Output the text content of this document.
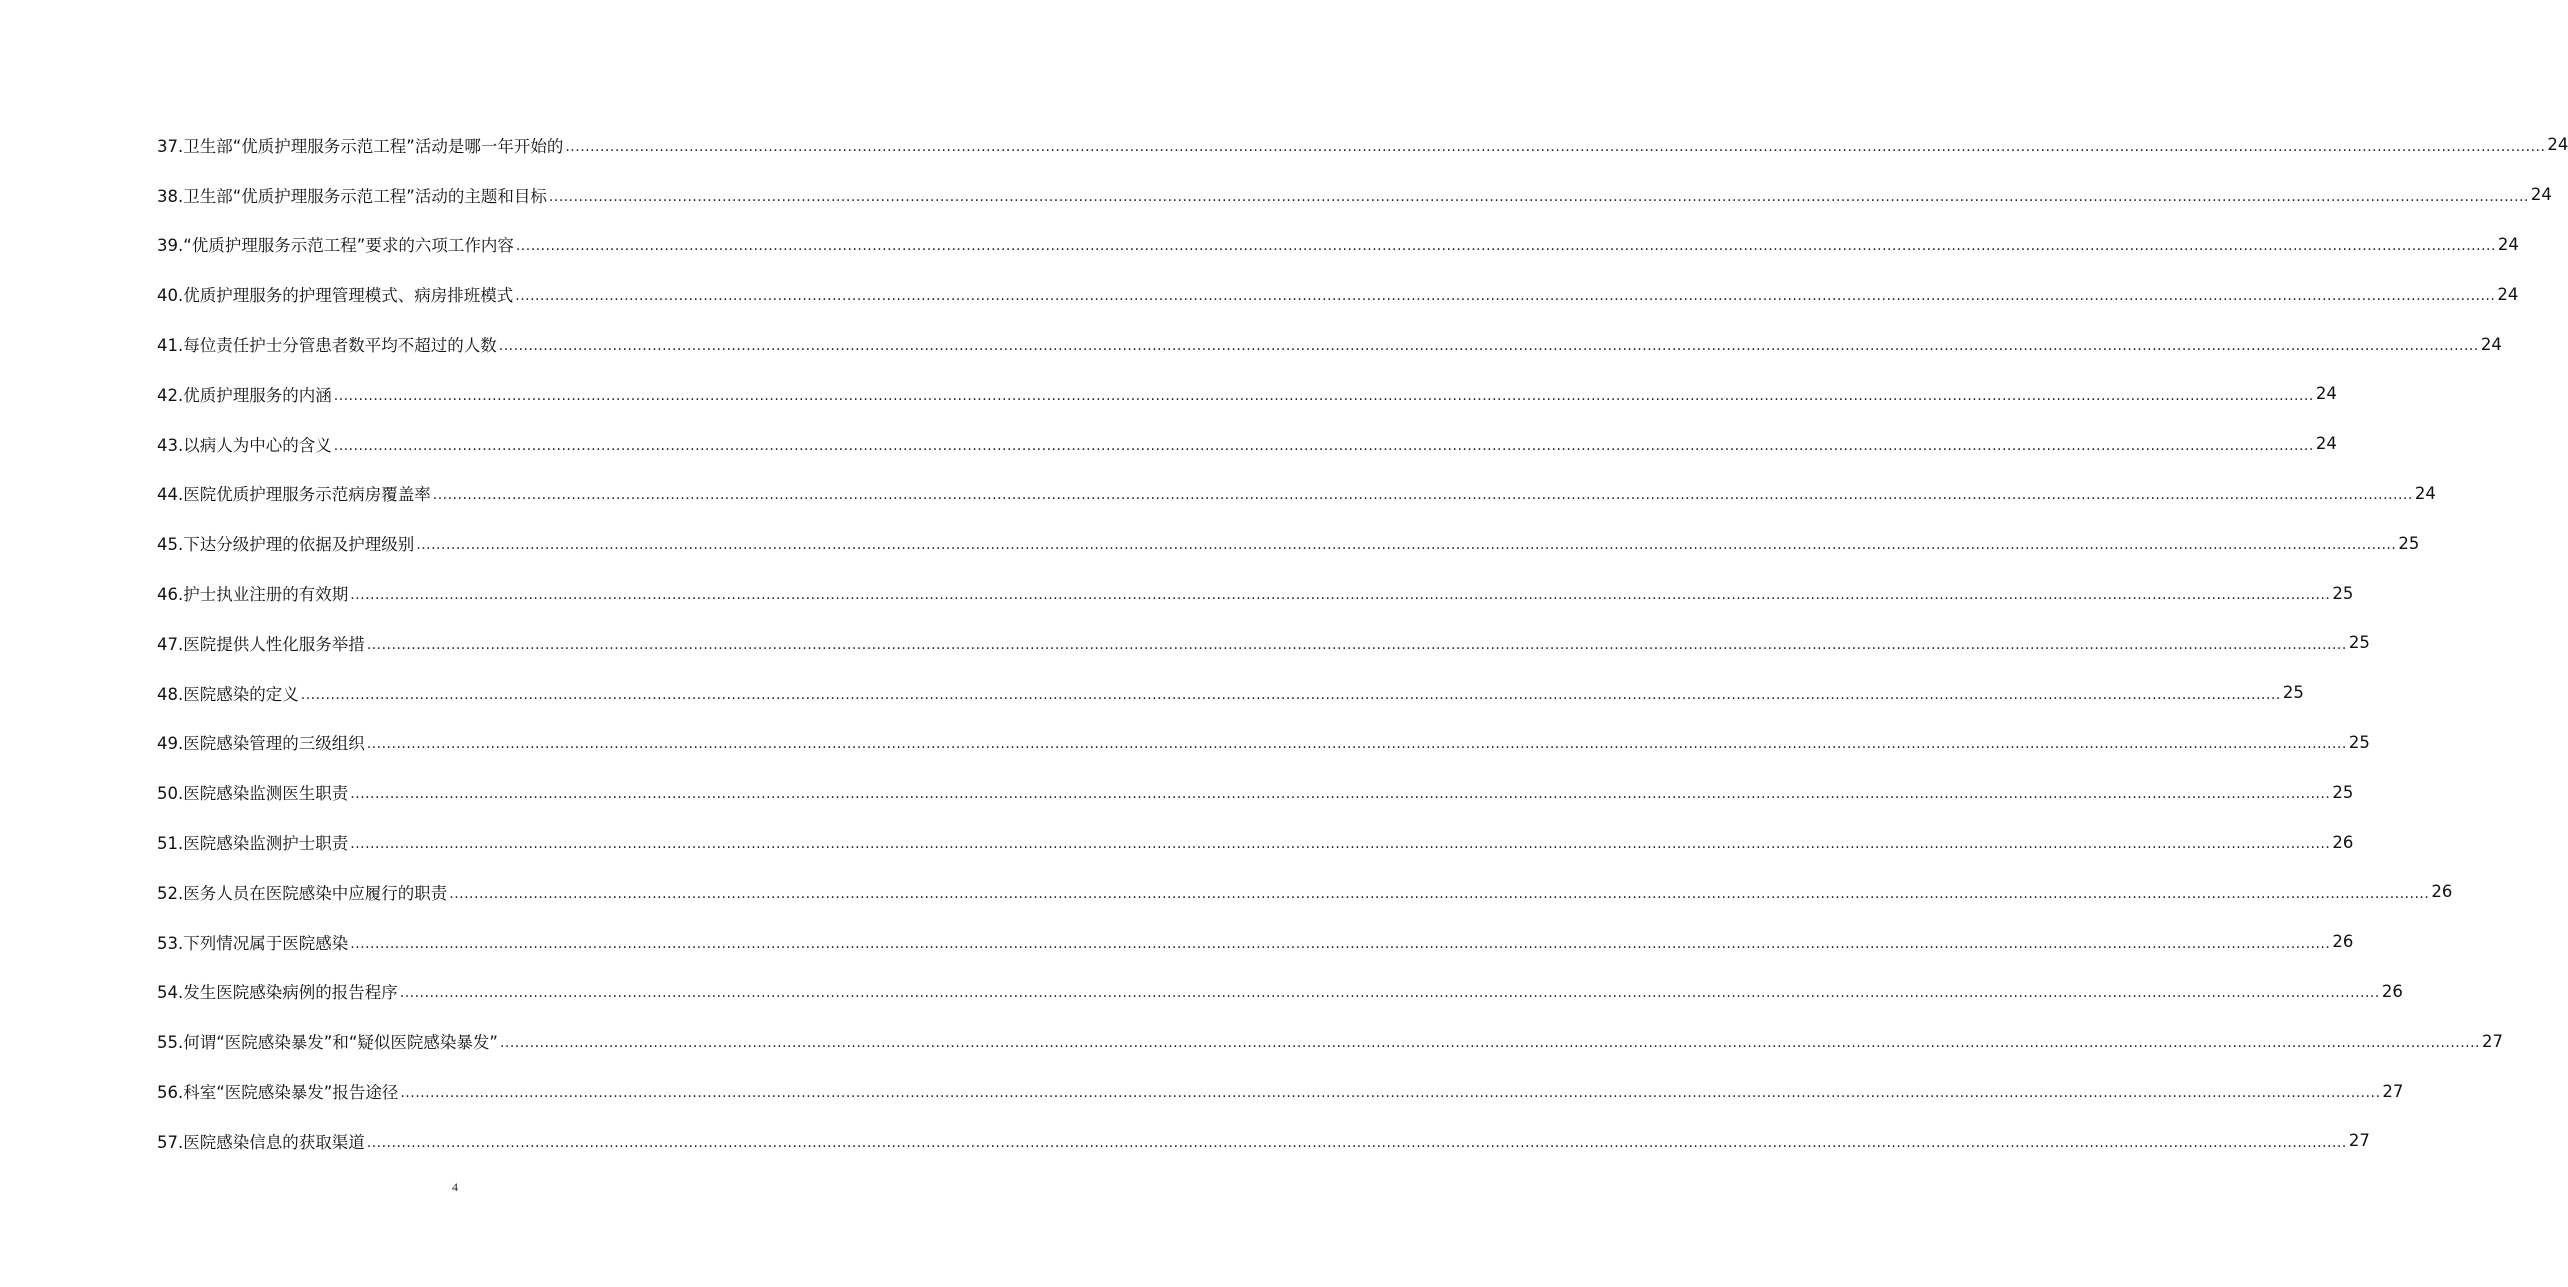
37.卫生部“优质护理服务示范工程”活动是哪一年开始的 ................................................................................................................................................................................................................................................................................................................................................................................................................ 24
38.卫生部“优质护理服务示范工程”活动的主题和目标 ................................................................................................................................................................................................................................................................................................................................................................................................................ 24
39.“优质护理服务示范工程”要求的六项工作内容 ................................................................................................................................................................................................................................................................................................................................................................................................................ 24
40.优质护理服务的护理管理模式、病房排班模式 ................................................................................................................................................................................................................................................................................................................................................................................................................ 24
41.每位责任护士分管患者数平均不超过的人数 ................................................................................................................................................................................................................................................................................................................................................................................................................ 24
42.优质护理服务的内涵 ................................................................................................................................................................................................................................................................................................................................................................................................................ 24
43.以病人为中心的含义 ................................................................................................................................................................................................................................................................................................................................................................................................................ 24
44.医院优质护理服务示范病房覆盖率 ................................................................................................................................................................................................................................................................................................................................................................................................................ 24
45.下达分级护理的依据及护理级别 ................................................................................................................................................................................................................................................................................................................................................................................................................ 25
46.护士执业注册的有效期 ................................................................................................................................................................................................................................................................................................................................................................................................................ 25
47.医院提供人性化服务举措 ................................................................................................................................................................................................................................................................................................................................................................................................................ 25
48.医院感染的定义 ................................................................................................................................................................................................................................................................................................................................................................................................................ 25
49.医院感染管理的三级组织 ................................................................................................................................................................................................................................................................................................................................................................................................................ 25
50.医院感染监测医生职责 ................................................................................................................................................................................................................................................................................................................................................................................................................ 25
51.医院感染监测护士职责 ................................................................................................................................................................................................................................................................................................................................................................................................................ 26
52.医务人员在医院感染中应履行的职责 ................................................................................................................................................................................................................................................................................................................................................................................................................ 26
53.下列情况属于医院感染 ................................................................................................................................................................................................................................................................................................................................................................................................................ 26
54.发生医院感染病例的报告程序 ................................................................................................................................................................................................................................................................................................................................................................................................................ 26
55.何谓“医院感染暴发”和“疑似医院感染暴发” ................................................................................................................................................................................................................................................................................................................................................................................................................ 27
56.科室“医院感染暴发”报告途径 ................................................................................................................................................................................................................................................................................................................................................................................................................ 27
57.医院感染信息的获取渠道 ................................................................................................................................................................................................................................................................................................................................................................................................................ 27
4
